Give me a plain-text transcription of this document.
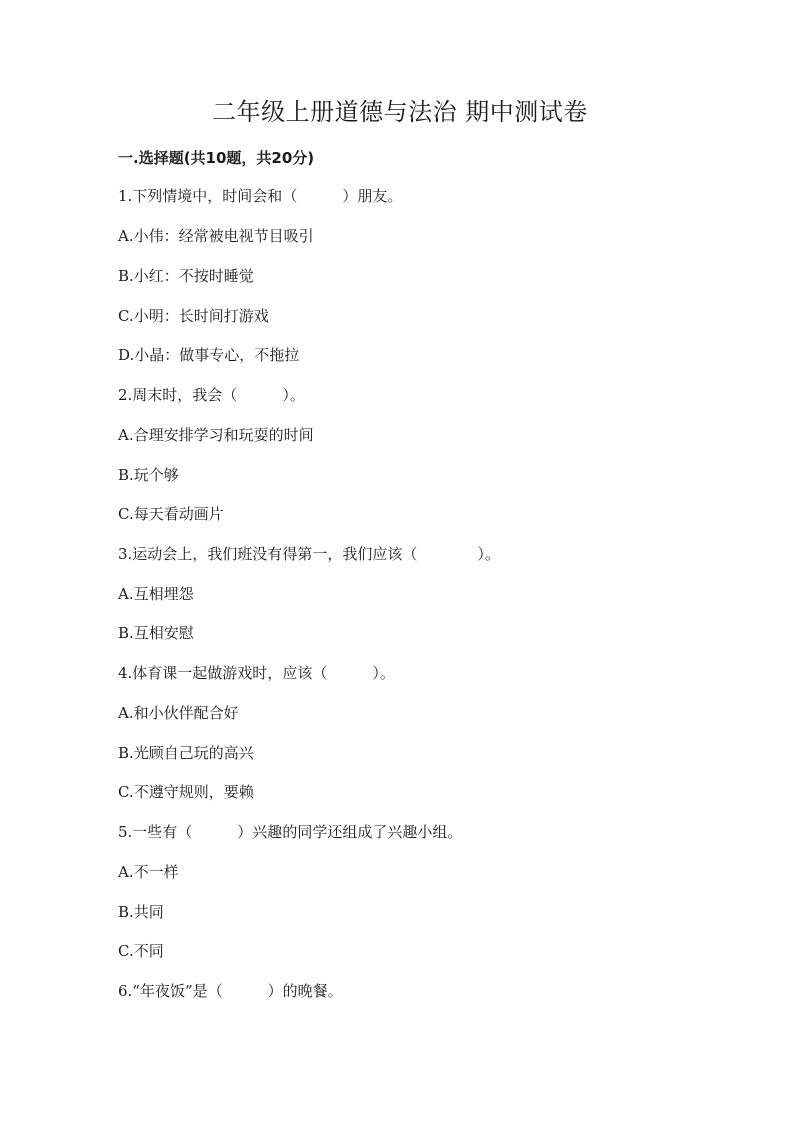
二年级上册道德与法治 期中测试卷
一.选择题(共10题，共20分)

1.下列情境中，时间会和（　　　）朋友。

A.小伟：经常被电视节目吸引

B.小红：不按时睡觉

C.小明：长时间打游戏

D.小晶：做事专心，不拖拉

2.周末时，我会（　　　）。

A.合理安排学习和玩耍的时间

B.玩个够

C.每天看动画片

3.运动会上，我们班没有得第一，我们应该（　　　　）。

A.互相埋怨

B.互相安慰

4.体育课一起做游戏时，应该（　　　）。

A.和小伙伴配合好

B.光顾自己玩的高兴

C.不遵守规则，要赖

5.一些有（　　　）兴趣的同学还组成了兴趣小组。

A.不一样

B.共同

C.不同

6.“年夜饭”是（　　　）的晚餐。
